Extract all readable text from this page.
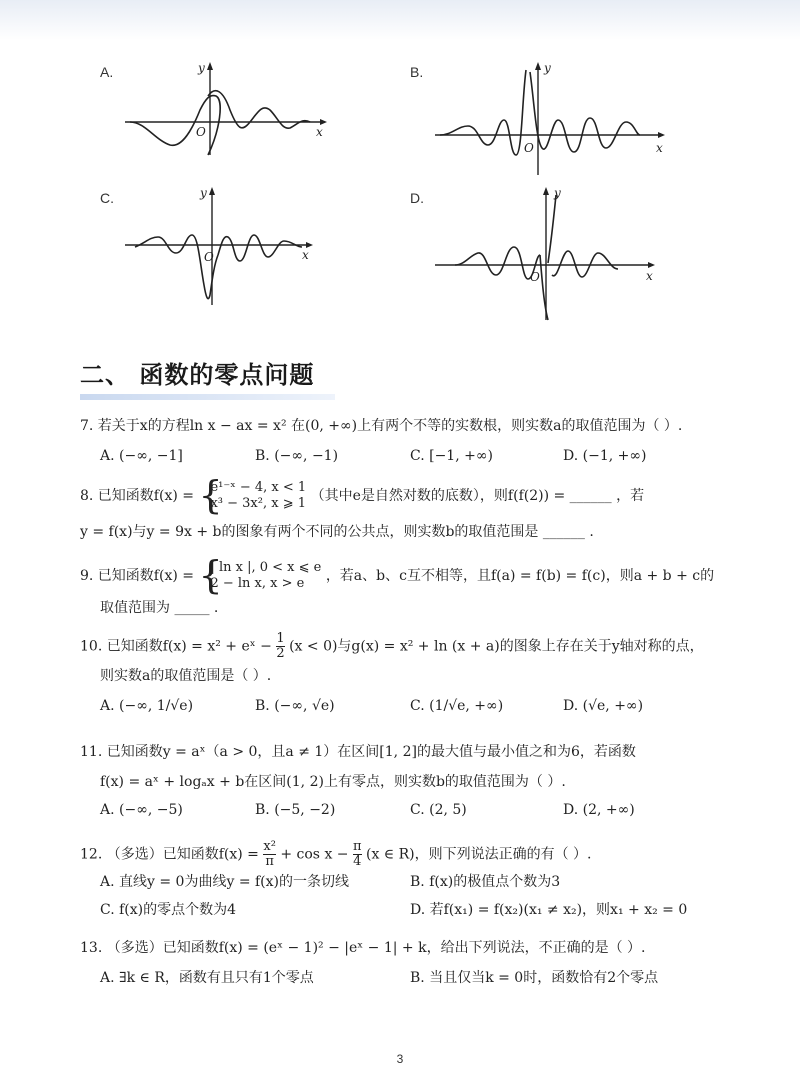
A.
x
y
O
B.
x
y
O
C.
x
y
O
D.
x
y
O
二、 函数的零点问题
7. 若关于x的方程ln x − ax = x² 在(0, +∞)上有两个不等的实数根，则实数a的取值范围为（ ）.
A. (−∞, −1]	B. (−∞, −1)	C. [−1, +∞)	D. (−1, +∞)
8. 已知函数f(x) = {
e¹⁻ˣ − 4, x < 1
x³ − 3x², x ⩾ 1 （其中e是自然对数的底数），则f(f(2)) = ______ ，若
y = f(x)与y = 9x + b的图象有两个不同的公共点，则实数b的取值范围是 ______ .
9. 已知函数f(x) = {
| ln x |, 0 < x ⩽ e
2 − ln x, x > e	，若a、b、c互不相等，且f(a) = f(b) = f(c)，则a + b + c的
取值范围为 _____ .
10. 已知函数f(x) = x² + eˣ − $\frac{1}{2} (x < 0)$与g(x) = x² + ln (x + a)的图象上存在关于y轴对称的点，
则实数a的取值范围是（ ）.
A. (−∞, 1/√e)	B. (−∞, √e)	C. (1/√e, +∞)	D. (√e, +∞)
11. 已知函数y = aˣ（a > 0，且a ≠ 1）在区间[1, 2]的最大值与最小值之和为6，若函数
f(x) = aˣ + logₐx + b在区间(1, 2)上有零点，则实数b的取值范围为（ ）.
A. (−∞, −5)	B. (−5, −2)	C. (2, 5)	D. (2, +∞)
12. （多选）已知函数$f(x) = \frac{\text{x²}}{\pi} + \cos x - \frac{\pi}{4} (x$ ∈ R)，则下列说法正确的有（ ）.
A. 直线y = 0为曲线y = f(x)的一条切线	B. f(x)的极值点个数为3
C. f(x)的零点个数为4	D. 若f(x₁) = f(x₂)(x₁ ≠ x₂)，则x₁ + x₂ = 0
13. （多选）已知函数f(x) = (eˣ − 1)² − |eˣ − 1| + k，给出下列说法，不正确的是（ ）.
A. ∃k ∈ R，函数有且只有1个零点	B. 当且仅当k = 0时，函数恰有2个零点
3
